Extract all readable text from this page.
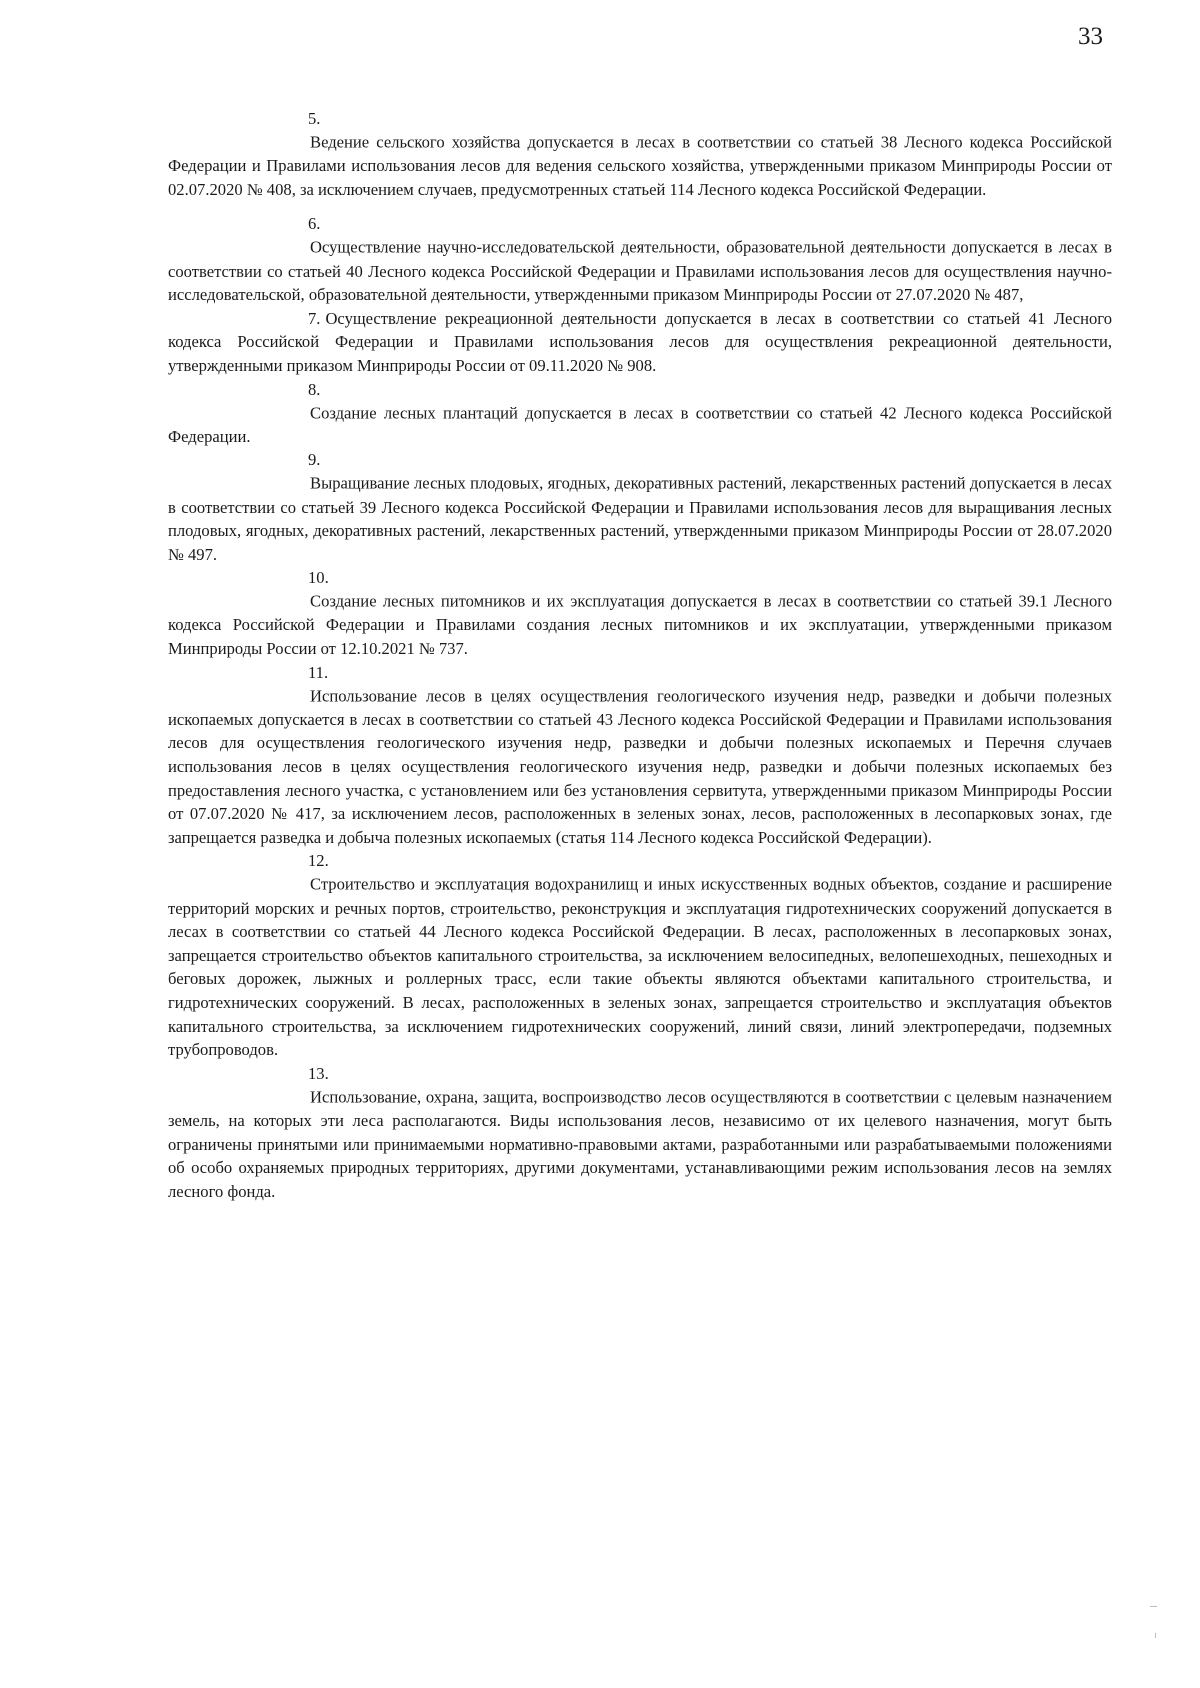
33

5.Ведение сельского хозяйства допускается в лесах в соответствии со статьей 38 Лесного кодекса Российской Федерации и Правилами использования лесов для ведения сельского хозяйства, утвержденными приказом Минприроды России от 02.07.2020 № 408, за исключением случаев, предусмотренных статьей 114 Лесного кодекса Российской Федерации.

6.Осуществление научно-исследовательской деятельности, образовательной деятельности допускается в лесах в соответствии со статьей 40 Лесного кодекса Российской Федерации и Правилами использования лесов для осуществления научно-исследовательской, образовательной деятельности, утвержденными приказом Минприроды России от 27.07.2020 № 487,

7. Осуществление рекреационной деятельности допускается в лесах в соответствии со статьей 41 Лесного кодекса Российской Федерации и Правилами использования лесов для осуществления рекреационной деятельности, утвержденными приказом Минприроды России от 09.11.2020 № 908.

8.Создание лесных плантаций допускается в лесах в соответствии со статьей 42 Лесного кодекса Российской Федерации.

9.Выращивание лесных плодовых, ягодных, декоративных растений, лекарственных растений допускается в лесах в соответствии со статьей 39 Лесного кодекса Российской Федерации и Правилами использования лесов для выращивания лесных плодовых, ягодных, декоративных растений, лекарственных растений, утвержденными приказом Минприроды России от 28.07.2020 № 497.

10.Создание лесных питомников и их эксплуатация допускается в лесах в соответствии со статьей 39.1 Лесного кодекса Российской Федерации и Правилами создания лесных питомников и их эксплуатации, утвержденными приказом Минприроды России от 12.10.2021 № 737.

11.Использование лесов в целях осуществления геологического изучения недр, разведки и добычи полезных ископаемых допускается в лесах в соответствии со статьей 43 Лесного кодекса Российской Федерации и Правилами использования лесов для осуществления геологического изучения недр, разведки и добычи полезных ископаемых и Перечня случаев использования лесов в целях осуществления геологического изучения недр, разведки и добычи полезных ископаемых без предоставления лесного участка, с установлением или без установления сервитута, утвержденными приказом Минприроды России от 07.07.2020 № 417, за исключением лесов, расположенных в зеленых зонах, лесов, расположенных в лесопарковых зонах, где запрещается разведка и добыча полезных ископаемых (статья 114 Лесного кодекса Российской Федерации).

12.Строительство и эксплуатация водохранилищ и иных искусственных водных объектов, создание и расширение территорий морских и речных портов, строительство, реконструкция и эксплуатация гидротехнических сооружений допускается в лесах в соответствии со статьей 44 Лесного кодекса Российской Федерации. В лесах, расположенных в лесопарковых зонах, запрещается строительство объектов капитального строительства, за исключением велосипедных, велопешеходных, пешеходных и беговых дорожек, лыжных и роллерных трасс, если такие объекты являются объектами капитального строительства, и гидротехнических сооружений. В лесах, расположенных в зеленых зонах, запрещается строительство и эксплуатация объектов капитального строительства, за исключением гидротехнических сооружений, линий связи, линий электропередачи, подземных трубопроводов.

13.Использование, охрана, защита, воспроизводство лесов осуществляются в соответствии с целевым назначением земель, на которых эти леса располагаются. Виды использования лесов, независимо от их целевого назначения, могут быть ограничены принятыми или принимаемыми нормативно-правовыми актами, разработанными или разрабатываемыми положениями об особо охраняемых природных территориях, другими документами, устанавливающими режим использования лесов на землях лесного фонда.
